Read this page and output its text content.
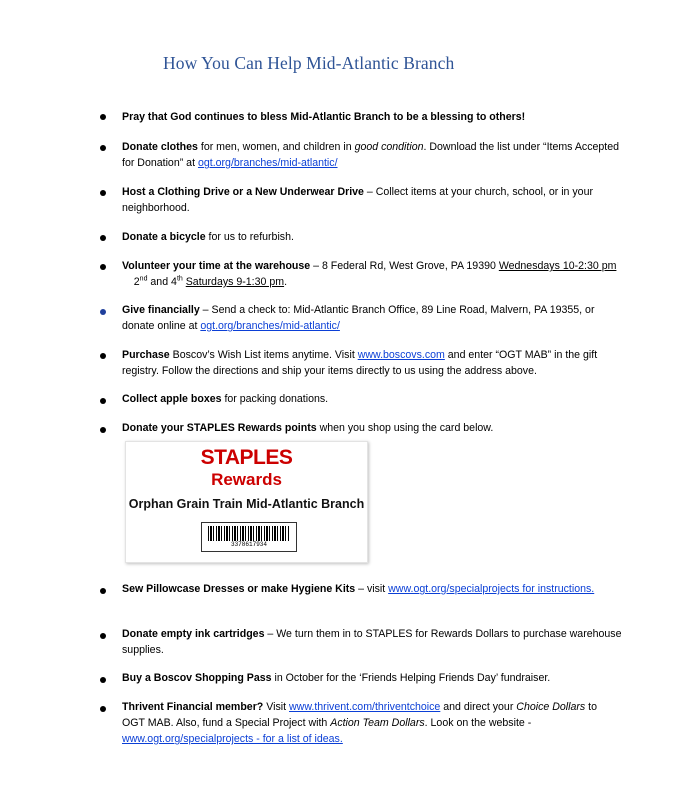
How You Can Help Mid-Atlantic Branch
Pray that God continues to bless Mid-Atlantic Branch to be a blessing to others!
Donate clothes for men, women, and children in good condition. Download the list under “Items Accepted for Donation” at ogt.org/branches/mid-atlantic/
Host a Clothing Drive or a New Underwear Drive – Collect items at your church, school, or in your neighborhood.
Donate a bicycle for us to refurbish.
Volunteer your time at the warehouse – 8 Federal Rd, West Grove, PA 19390 Wednesdays 10-2:30 pm    2nd and 4th Saturdays 9-1:30 pm.
Give financially – Send a check to: Mid-Atlantic Branch Office, 89 Line Road, Malvern, PA 19355, or donate online at ogt.org/branches/mid-atlantic/
Purchase Boscov’s Wish List items anytime. Visit www.boscovs.com and enter “OGT MAB” in the gift registry. Follow the directions and ship your items directly to us using the address above.
Collect apple boxes for packing donations.
Donate your STAPLES Rewards points when you shop using the card below.
STAPLES
Rewards
Orphan Grain Train Mid-Atlantic Branch
3378617934
Sew Pillowcase Dresses or make Hygiene Kits – visit www.ogt.org/specialprojects for instructions.
Donate empty ink cartridges – We turn them in to STAPLES for Rewards Dollars to purchase warehouse supplies.
Buy a Boscov Shopping Pass in October for the ‘Friends Helping Friends Day’ fundraiser.
Thrivent Financial member? Visit www.thrivent.com/thriventchoice and direct your Choice Dollars to OGT MAB. Also, fund a Special Project with Action Team Dollars. Look on the website - www.ogt.org/specialprojects - for a list of ideas.
